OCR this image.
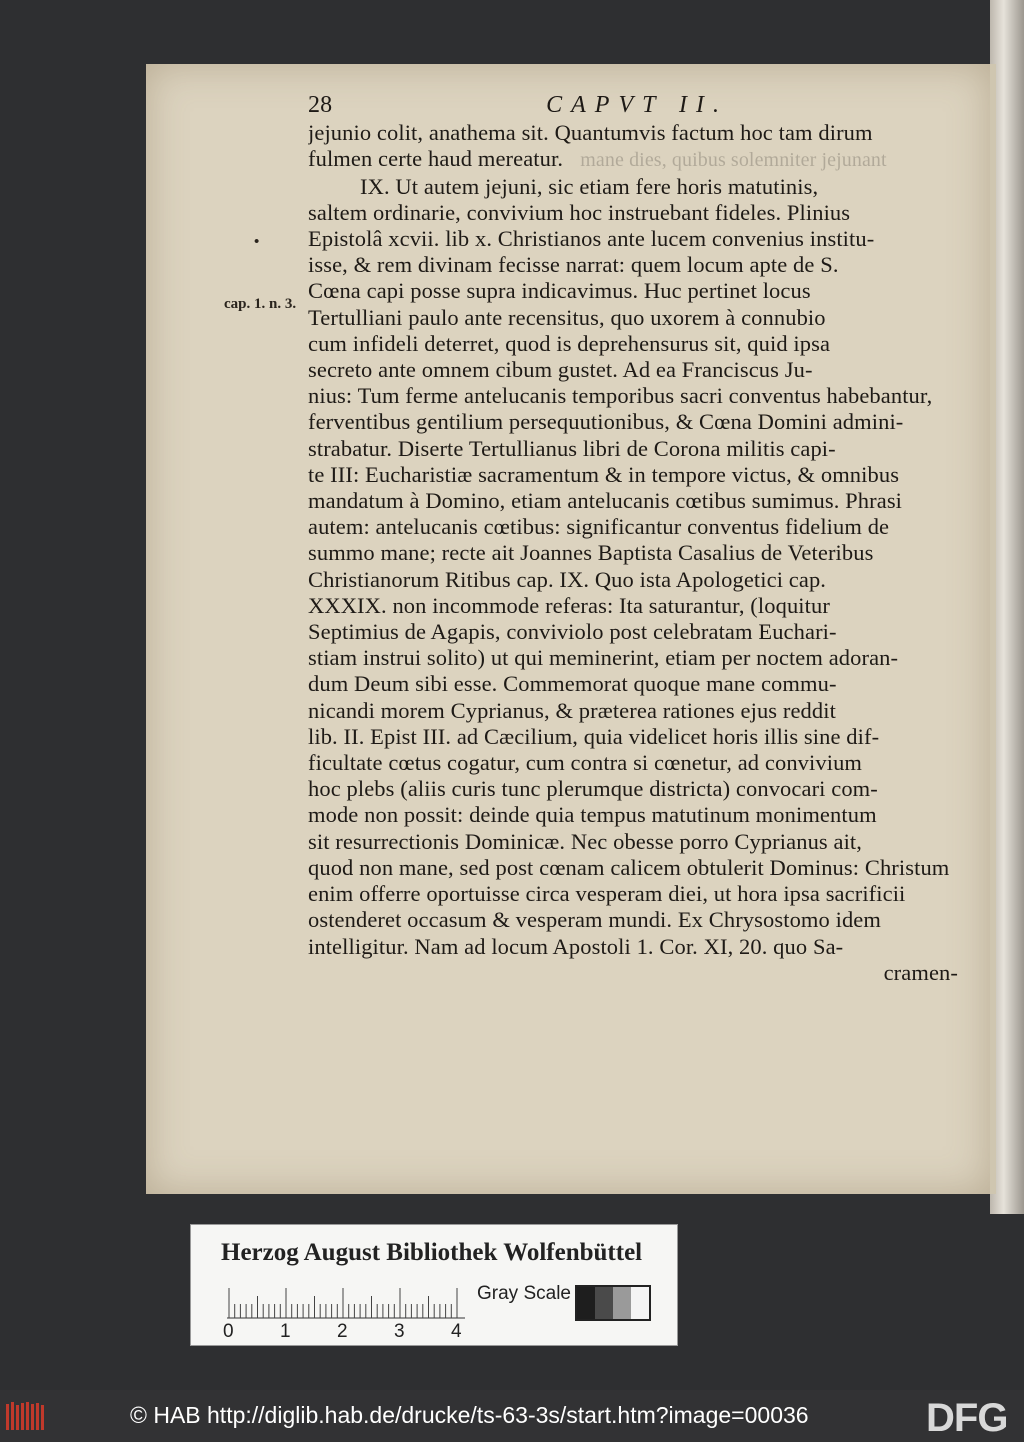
•
cap. 1. n. 3.
28	CAPVT II.
jejunio colit, anathema sit. Quantumvis factum hoc tam dirum
fulmen certe haud mereatur. mane dies, quibus solemniter jejunant
IX. Ut autem jejuni, sic etiam fere horis matutinis,
saltem ordinarie, convivium hoc instruebant fideles. Plinius
Epistolâ xcvii. lib x. Christianos ante lucem convenius institu-
isse, & rem divinam fecisse narrat: quem locum apte de S.
Cœna capi posse supra indicavimus. Huc pertinet locus
Tertulliani paulo ante recensitus, quo uxorem à connubio
cum infideli deterret, quod is deprehensurus sit, quid ipsa
secreto ante omnem cibum gustet. Ad ea Franciscus Ju-
nius: Tum ferme antelucanis temporibus sacri conventus habebantur,
ferventibus gentilium persequutionibus, & Cœna Domini admini-
strabatur. Diserte Tertullianus libri de Corona militis capi-
te III: Eucharistiæ sacramentum & in tempore victus, & omnibus
mandatum à Domino, etiam antelucanis cœtibus sumimus. Phrasi
autem: antelucanis cœtibus: significantur conventus fidelium de
summo mane; recte ait Joannes Baptista Casalius de Veteribus
Christianorum Ritibus cap. IX. Quo ista Apologetici cap.
XXXIX. non incommode referas: Ita saturantur, (loquitur
Septimius de Agapis, conviviolo post celebratam Euchari-
stiam instrui solito) ut qui meminerint, etiam per noctem adoran-
dum Deum sibi esse. Commemorat quoque mane commu-
nicandi morem Cyprianus, & præterea rationes ejus reddit
lib. II. Epist III. ad Cæcilium, quia videlicet horis illis sine dif-
ficultate cœtus cogatur, cum contra si cœnetur, ad convivium
hoc plebs (aliis curis tunc plerumque districta) convocari com-
mode non possit: deinde quia tempus matutinum monimentum
sit resurrectionis Dominicæ. Nec obesse porro Cyprianus ait,
quod non mane, sed post cœnam calicem obtulerit Dominus: Christum
enim offerre oportuisse circa vesperam diei, ut hora ipsa sacrificii
ostenderet occasum & vesperam mundi. Ex Chrysostomo idem
intelligitur. Nam ad locum Apostoli 1. Cor. XI, 20. quo Sa-
cramen-
Herzog August Bibliothek Wolfenbüttel
0 1 2 3 4
Gray Scale
© HAB http://diglib.hab.de/drucke/ts-63-3s/start.htm?image=00036	DFG
